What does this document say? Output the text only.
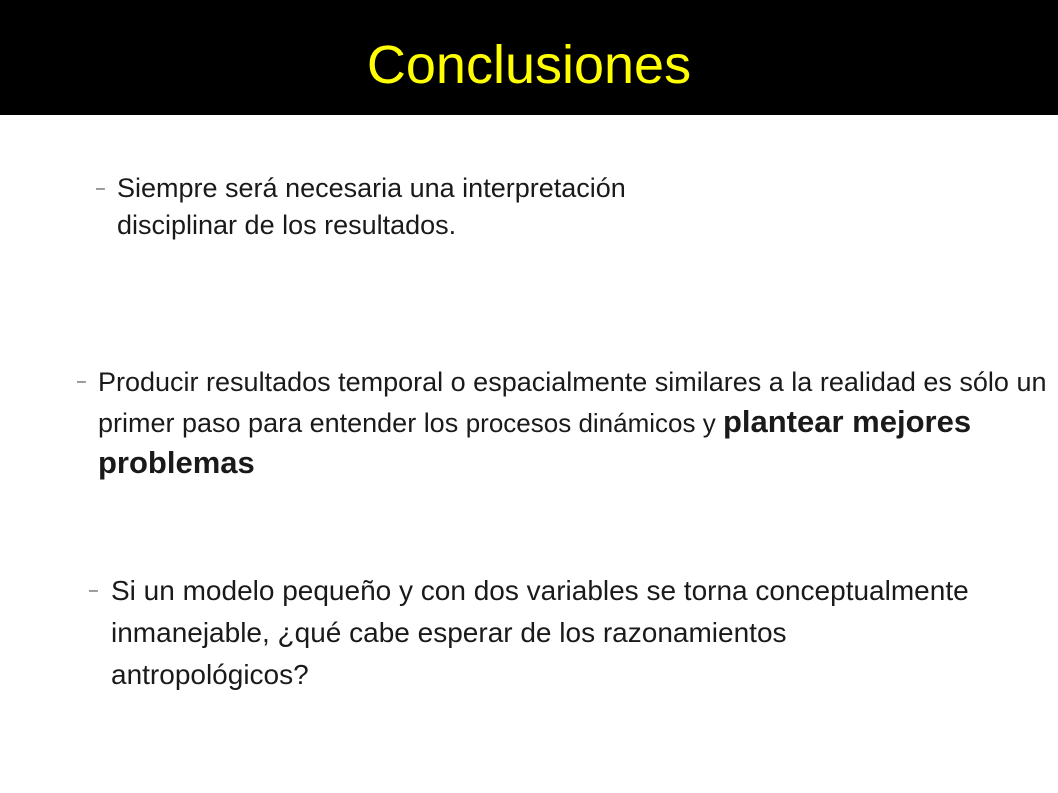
Conclusiones
– Siempre será necesaria una interpretación disciplinar de los resultados.
– Producir resultados temporal o espacialmente similares a la realidad es sólo un primer paso para entender los procesos dinámicos y plantear mejores problemas
– Si un modelo pequeño y con dos variables se torna conceptualmente inmanejable, ¿qué cabe esperar de los razonamientos antropológicos?
